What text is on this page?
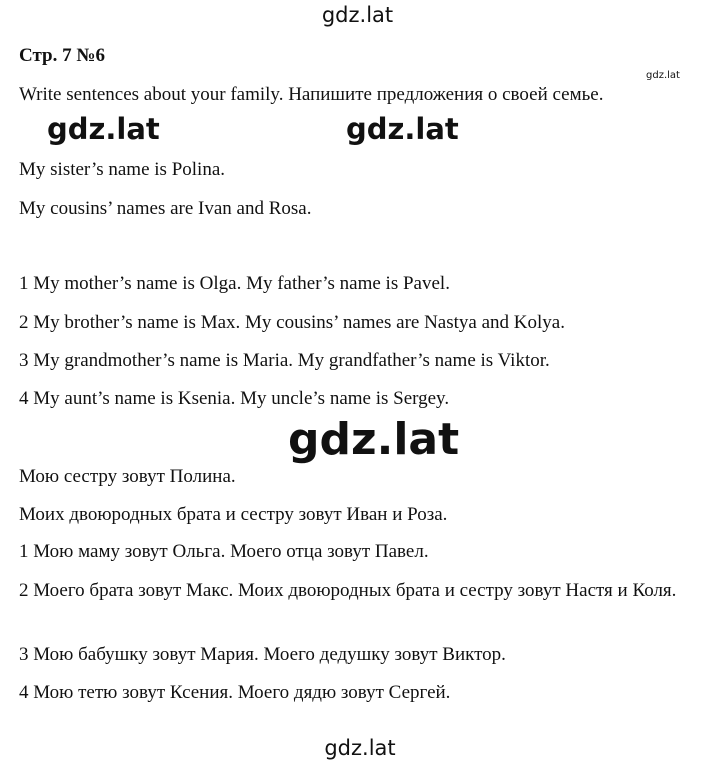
gdz.lat
Стр. 7 №6
gdz.lat
Write sentences about your family. Напишите предложения о своей семье.
gdz.lat	gdz.lat
My sister’s name is Polina.
My cousins’ names are Ivan and Rosa.
1 My mother’s name is Olga. My father’s name is Pavel.
2 My brother’s name is Max. My cousins’ names are Nastya and Kolya.
3 My grandmother’s name is Maria. My grandfather’s name is Viktor.
4 My aunt’s name is Ksenia. My uncle’s name is Sergey.
gdz.lat
Мою сестру зовут Полина.
Моих двоюродных брата и сестру зовут Иван и Роза.
1 Мою маму зовут Ольга. Моего отца зовут Павел.
2 Моего брата зовут Макс. Моих двоюродных брата и сестру зовут Настя и Коля.
3 Мою бабушку зовут Мария. Моего дедушку зовут Виктор.
4 Мою тетю зовут Ксения. Моего дядю зовут Сергей.
gdz.lat
